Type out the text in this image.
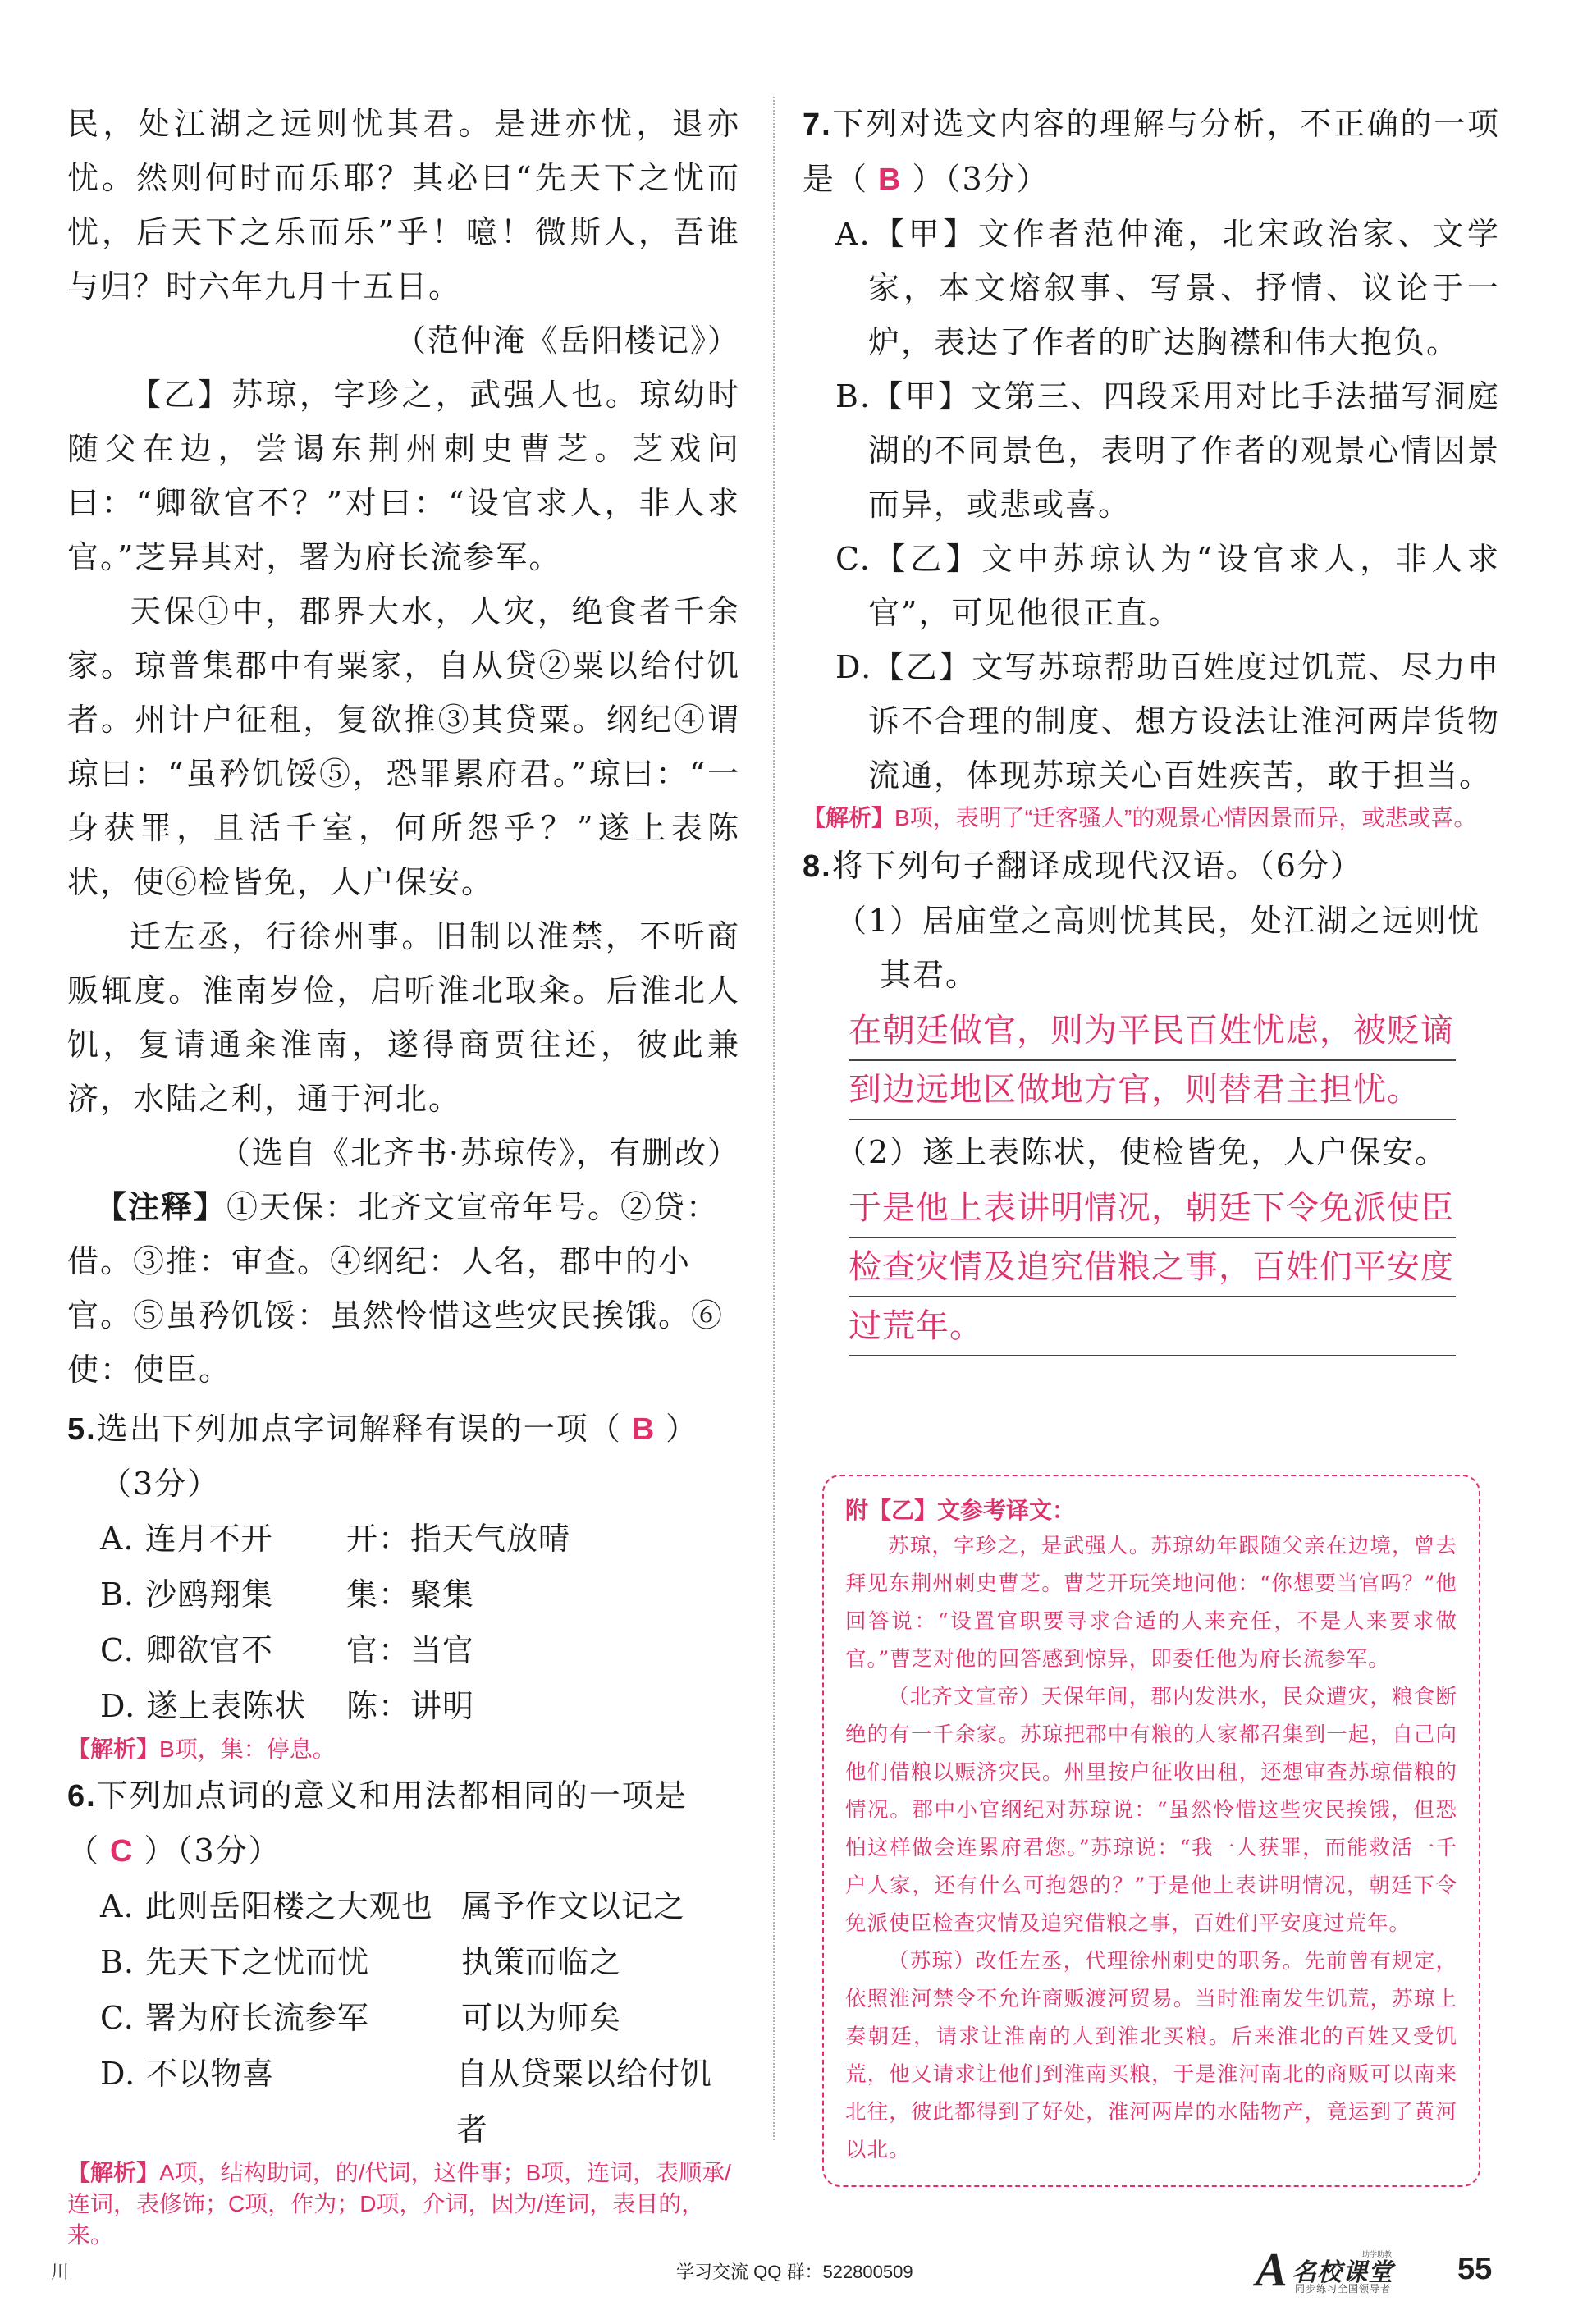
民，处江湖之远则忧其君。是进亦忧，退亦忧。然则何时而乐耶？其必曰“先天下之忧而忧，后天下之乐而乐”乎！噫！微斯人，吾谁与归？时六年九月十五日。

（范仲淹《岳阳楼记》）

【乙】苏琼，字珍之，武强人也。琼幼时随父在边，尝谒东荆州刺史曹芝。芝戏问曰：“卿欲官不？”对曰：“设官求人，非人求官。”芝异其对，署为府长流参军。

天保①中，郡界大水，人灾，绝食者千余家。琼普集郡中有粟家，自从贷②粟以给付饥者。州计户征租，复欲推③其贷粟。纲纪④谓琼曰：“虽矜饥馁⑤，恐罪累府君。”琼曰：“一身获罪，且活千室，何所怨乎？”遂上表陈状，使⑥检皆免，人户保安。

迁左丞，行徐州事。旧制以淮禁，不听商贩辄度。淮南岁俭，启听淮北取籴。后淮北人饥，复请通籴淮南，遂得商贾往还，彼此兼济，水陆之利，通于河北。

（选自《北齐书·苏琼传》，有删改）

【注释】①天保：北齐文宣帝年号。②贷：借。③推：审查。④纲纪：人名，郡中的小官。⑤虽矜饥馁：虽然怜惜这些灾民挨饿。⑥使：使臣。

5.选出下列加点字词解释有误的一项（ B ）

（3分）

A. 连月不开	开：指天气放晴
B. 沙鸥翔集	集：聚集
C. 卿欲官不	官：当官
D. 遂上表陈状	陈：讲明

【解析】B项，集：停息。

6.下列加点词的意义和用法都相同的一项是

（ C ）（3分）

A. 此则岳阳楼之大观也 属予作文以记之
B. 先天下之忧而忧	执策而临之
C. 署为府长流参军	可以为师矣
D. 不以物喜	自从贷粟以给付饥者

【解析】A项，结构助词，的/代词，这件事；B项，连词，表顺承/连词，表修饰；C项，作为；D项，介词，因为/连词，表目的，来。

7.下列对选文内容的理解与分析，不正确的一项是（ B ）（3分）

A.【甲】文作者范仲淹，北宋政治家、文学家，本文熔叙事、写景、抒情、议论于一炉，表达了作者的旷达胸襟和伟大抱负。

B.【甲】文第三、四段采用对比手法描写洞庭湖的不同景色，表明了作者的观景心情因景而异，或悲或喜。

C.【乙】文中苏琼认为“设官求人，非人求官”，可见他很正直。

D.【乙】文写苏琼帮助百姓度过饥荒、尽力申诉不合理的制度、想方设法让淮河两岸货物流通，体现苏琼关心百姓疾苦，敢于担当。

【解析】B项，表明了“迁客骚人”的观景心情因景而异，或悲或喜。

8.将下列句子翻译成现代汉语。（6分）

（1）居庙堂之高则忧其民，处江湖之远则忧

其君。

在朝廷做官，则为平民百姓忧虑，被贬谪

到边远地区做地方官，则替君主担忧。

（2）遂上表陈状，使检皆免，人户保安。

于是他上表讲明情况，朝廷下令免派使臣

检查灾情及追究借粮之事，百姓们平安度

过荒年。

附【乙】文参考译文：

苏琼，字珍之，是武强人。苏琼幼年跟随父亲在边境，曾去拜见东荆州刺史曹芝。曹芝开玩笑地问他：“你想要当官吗？”他回答说：“设置官职要寻求合适的人来充任，不是人来要求做官。”曹芝对他的回答感到惊异，即委任他为府长流参军。

（北齐文宣帝）天保年间，郡内发洪水，民众遭灾，粮食断绝的有一千余家。苏琼把郡中有粮的人家都召集到一起，自己向他们借粮以赈济灾民。州里按户征收田租，还想审查苏琼借粮的情况。郡中小官纲纪对苏琼说：“虽然怜惜这些灾民挨饿，但恐怕这样做会连累府君您。”苏琼说：“我一人获罪，而能救活一千户人家，还有什么可抱怨的？”于是他上表讲明情况，朝廷下令免派使臣检查灾情及追究借粮之事，百姓们平安度过荒年。

（苏琼）改任左丞，代理徐州刺史的职务。先前曾有规定，依照淮河禁令不允许商贩渡河贸易。当时淮南发生饥荒，苏琼上奏朝廷，请求让淮南的人到淮北买粮。后来淮北的百姓又受饥荒，他又请求让他们到淮南买粮，于是淮河南北的商贩可以南来北往，彼此都得到了好处，淮河两岸的水陆物产，竟运到了黄河以北。

川	学习交流 QQ 群：522800509	A 名校课堂
助学助教
同步练习全国领导者
55
